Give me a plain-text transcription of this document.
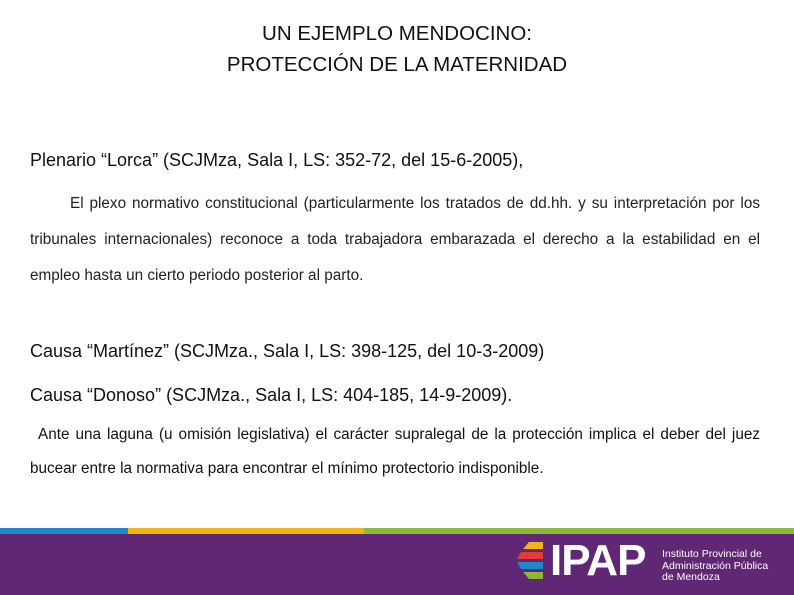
UN EJEMPLO MENDOCINO:
PROTECCIÓN DE LA MATERNIDAD
Plenario “Lorca” (SCJMza, Sala I, LS: 352-72, del 15-6-2005),
El plexo normativo constitucional (particularmente los tratados de dd.hh. y su interpretación por los tribunales internacionales) reconoce a toda trabajadora embarazada el derecho a la estabilidad en el empleo hasta un cierto periodo posterior al parto.
Causa “Martínez” (SCJMza., Sala I, LS: 398-125, del 10-3-2009)
Causa “Donoso” (SCJMza., Sala I, LS: 404-185, 14-9-2009).
Ante una laguna (u omisión legislativa) el carácter supralegal de la protección implica el deber del juez bucear entre la normativa para encontrar el mínimo protectorio indisponible.
IPAP Instituto Provincial de
Administración Pública
de Mendoza
